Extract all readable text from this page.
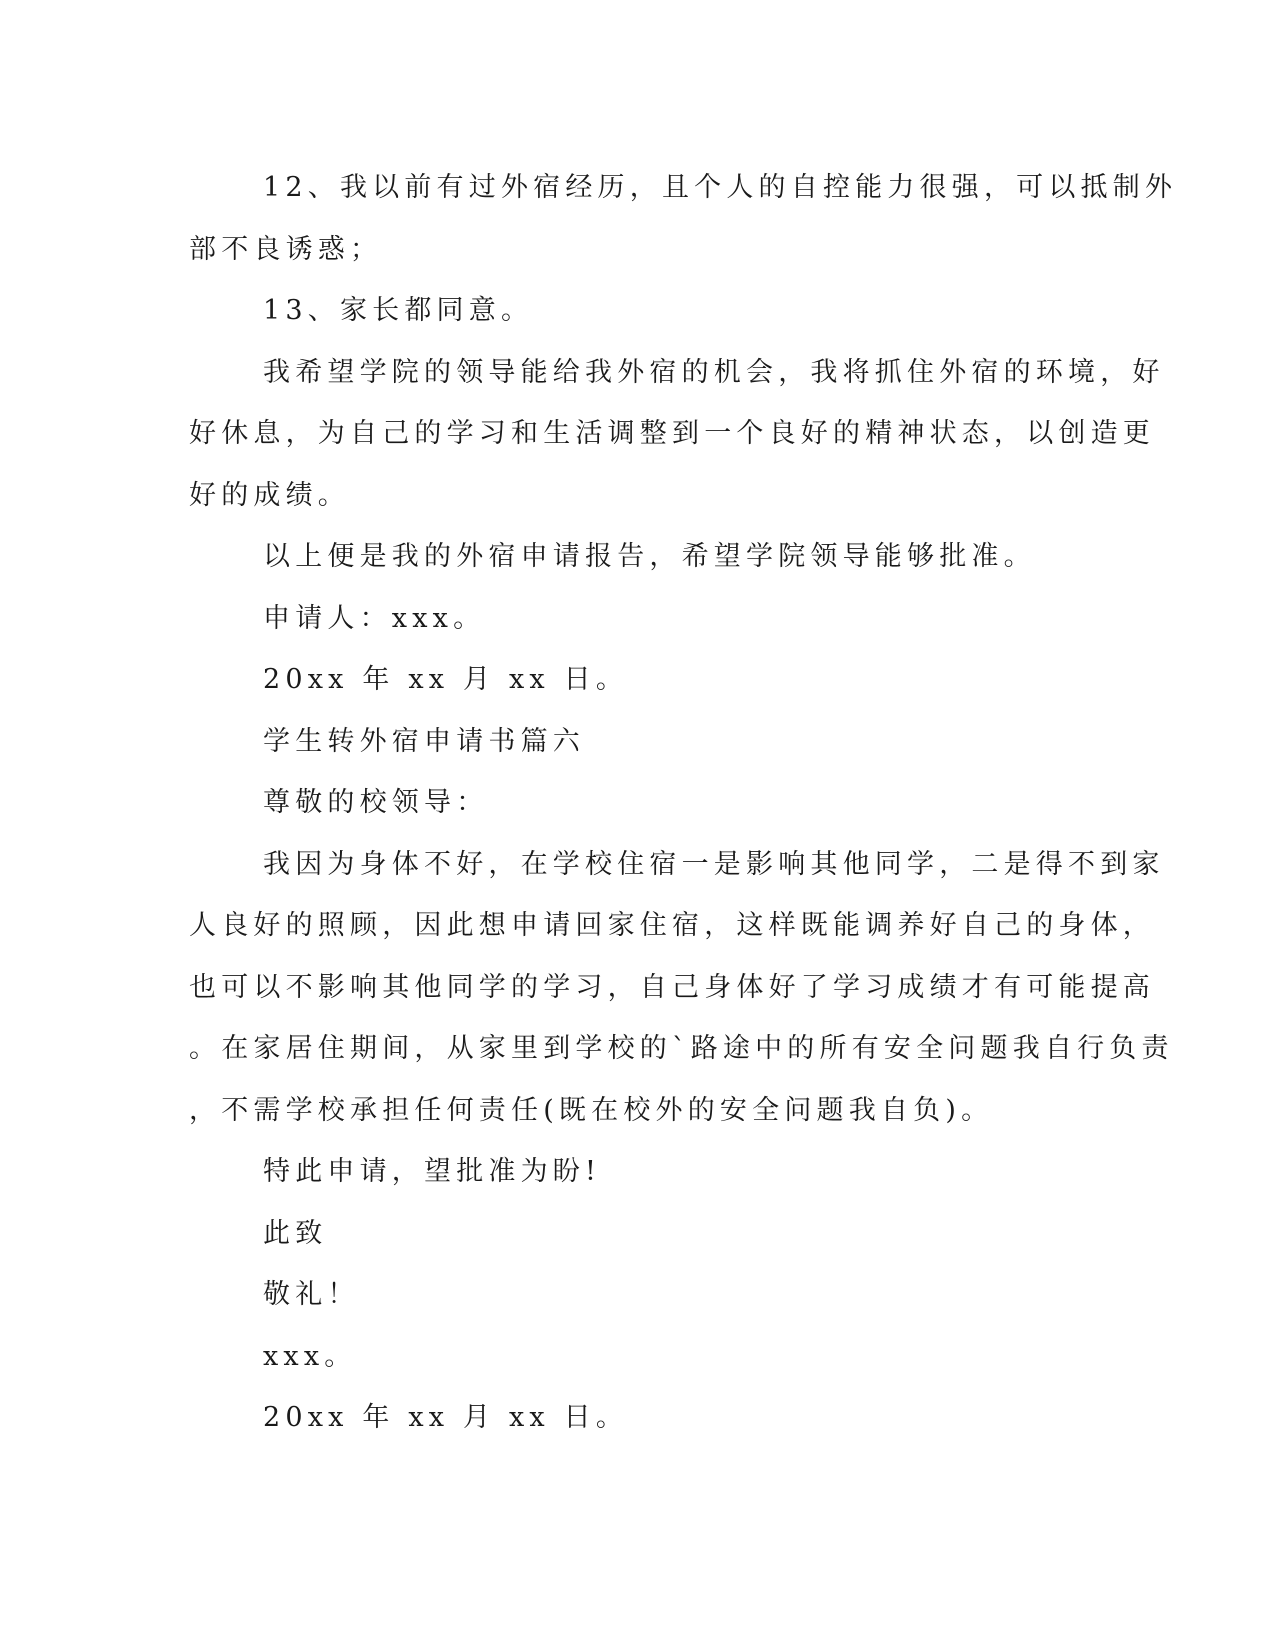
12、我以前有过外宿经历，且个人的自控能力很强，可以抵制外
部不良诱惑；
13、家长都同意。
我希望学院的领导能给我外宿的机会，我将抓住外宿的环境，好
好休息，为自己的学习和生活调整到一个良好的精神状态，以创造更
好的成绩。
以上便是我的外宿申请报告，希望学院领导能够批准。
申请人：xxx。
20xx 年 xx 月 xx 日。
学生转外宿申请书篇六
尊敬的校领导：
我因为身体不好，在学校住宿一是影响其他同学，二是得不到家
人良好的照顾，因此想申请回家住宿，这样既能调养好自己的身体，
也可以不影响其他同学的学习，自己身体好了学习成绩才有可能提高
。在家居住期间，从家里到学校的`路途中的所有安全问题我自行负责
，不需学校承担任何责任(既在校外的安全问题我自负)。
特此申请，望批准为盼!
此致
敬礼！
xxx。
20xx 年 xx 月 xx 日。
